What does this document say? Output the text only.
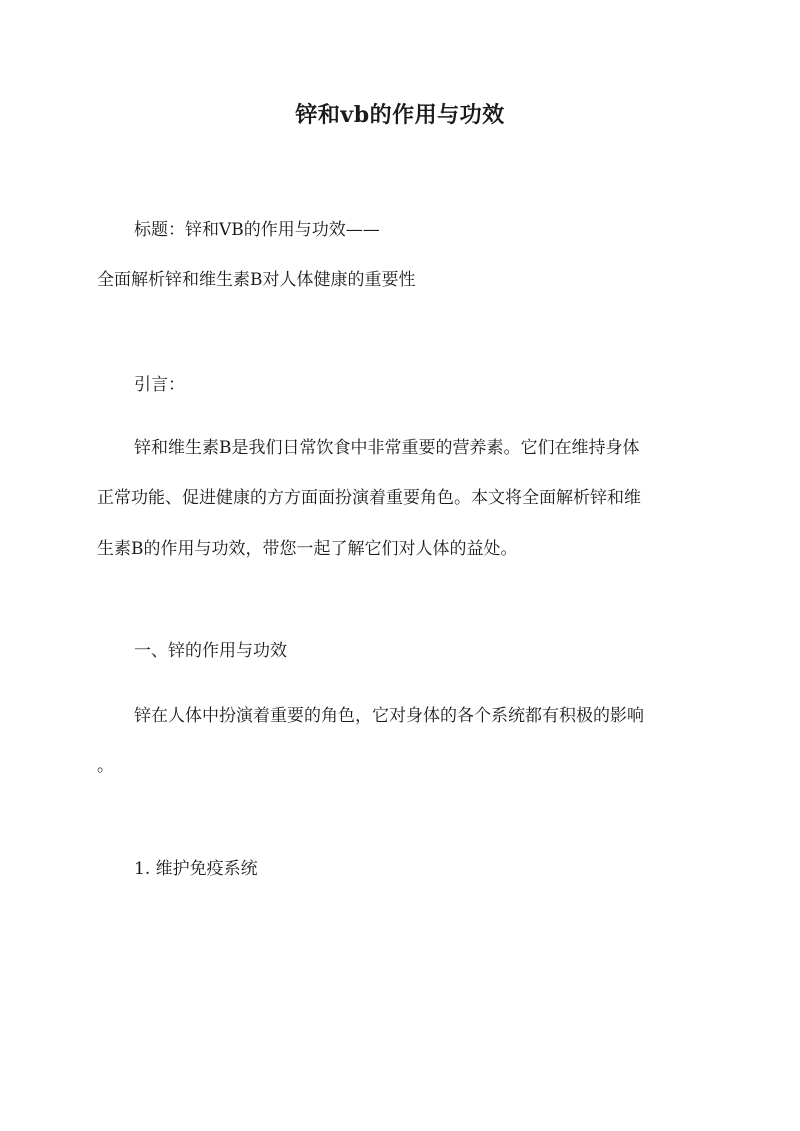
锌和vb的作用与功效
标题：锌和VB的作用与功效——
全面解析锌和维生素B对人体健康的重要性
引言：
锌和维生素B是我们日常饮食中非常重要的营养素。它们在维持身体
正常功能、促进健康的方方面面扮演着重要角色。本文将全面解析锌和维
生素B的作用与功效，带您一起了解它们对人体的益处。
一、锌的作用与功效
锌在人体中扮演着重要的角色，它对身体的各个系统都有积极的影响
。
1. 维护免疫系统
